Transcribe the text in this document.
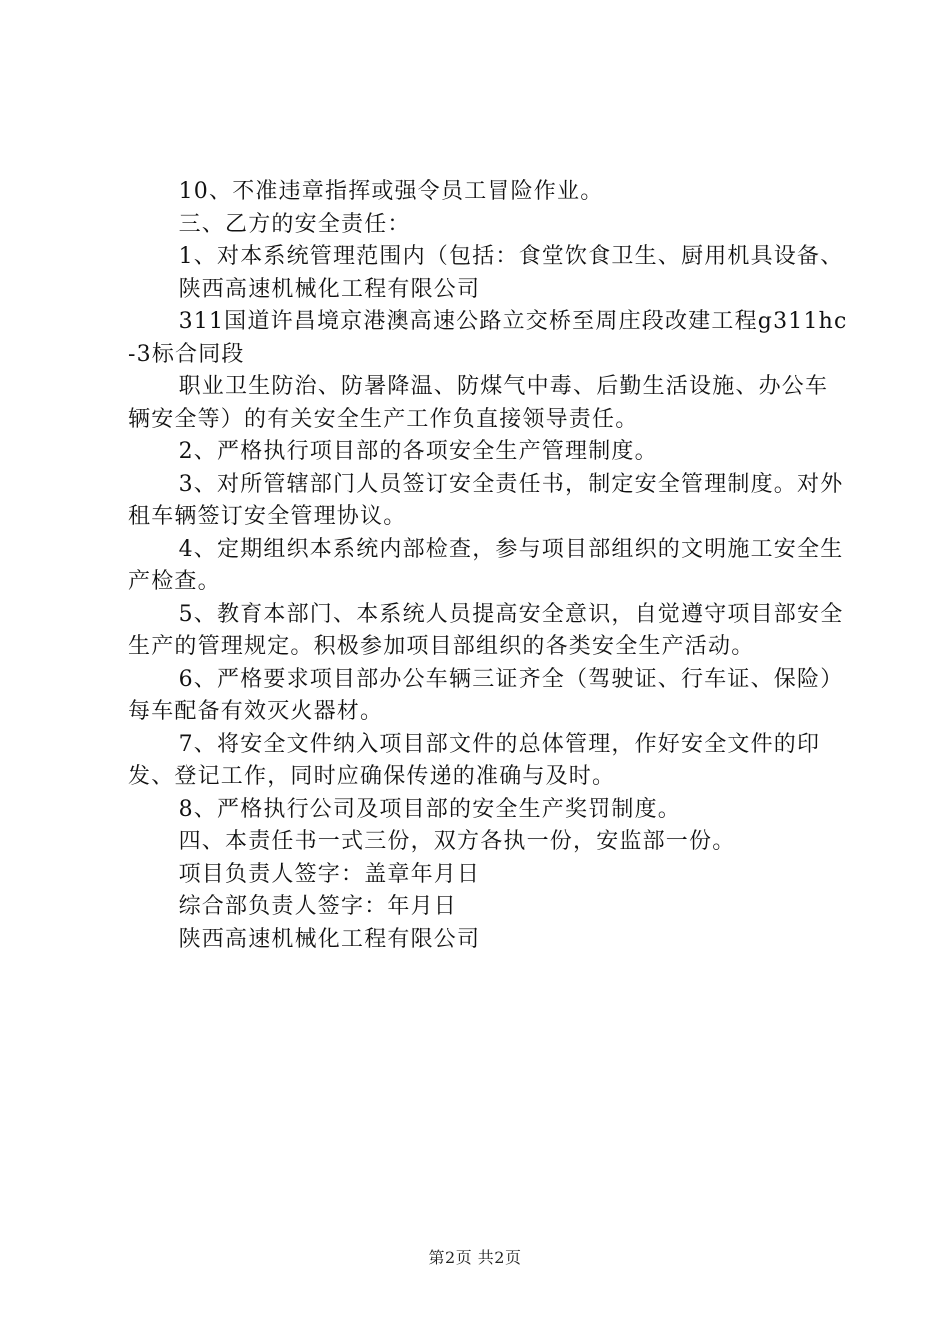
10、不准违章指挥或强令员工冒险作业。

三、乙方的安全责任：

1、对本系统管理范围内（包括：食堂饮食卫生、厨用机具设备、

陕西高速机械化工程有限公司

311国道许昌境京港澳高速公路立交桥至周庄段改建工程g311hc-3标合同段

职业卫生防治、防暑降温、防煤气中毒、后勤生活设施、办公车辆安全等）的有关安全生产工作负直接领导责任。

2、严格执行项目部的各项安全生产管理制度。

3、对所管辖部门人员签订安全责任书，制定安全管理制度。对外租车辆签订安全管理协议。

4、定期组织本系统内部检查，参与项目部组织的文明施工安全生产检查。

5、教育本部门、本系统人员提高安全意识，自觉遵守项目部安全生产的管理规定。积极参加项目部组织的各类安全生产活动。

6、严格要求项目部办公车辆三证齐全（驾驶证、行车证、保险）每车配备有效灭火器材。

7、将安全文件纳入项目部文件的总体管理，作好安全文件的印发、登记工作，同时应确保传递的准确与及时。

8、严格执行公司及项目部的安全生产奖罚制度。

四、本责任书一式三份，双方各执一份，安监部一份。

项目负责人签字：盖章年月日

综合部负责人签字：年月日

陕西高速机械化工程有限公司

第2页 共2页
